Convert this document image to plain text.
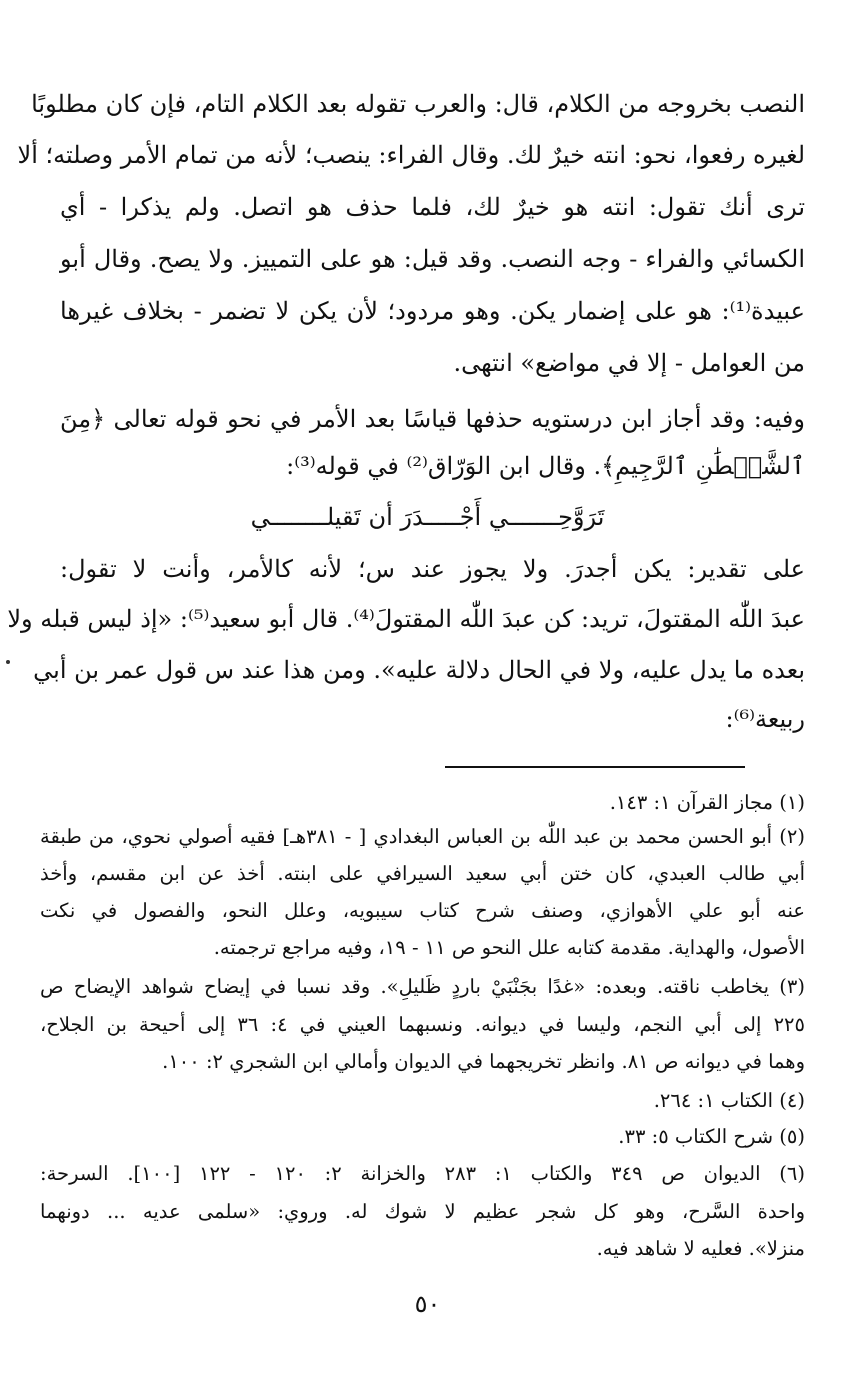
النصب بخروجه من الكلام، قال: والعرب تقوله بعد الكلام التام، فإن كان مطلوبًا
لغيره رفعوا، نحو: انته خيرٌ لك. وقال الفراء: ينصب؛ لأنه من تمام الأمر وصلته؛ ألا
ترى أنك تقول: انته هو خيرٌ لك، فلما حذف هو اتصل. ولم يذكرا - أي
الكسائي والفراء - وجه النصب. وقد قيل: هو على التمييز. ولا يصح. وقال أبو
عبيدة⁽¹⁾: هو على إضمار يكن. وهو مردود؛ لأن يكن لا تضمر - بخلاف غيرها
من العوامل - إلا في مواضع» انتهى.
وفيه: وقد أجاز ابن درستويه حذفها قياسًا بعد الأمر في نحو قوله تعالى ﴿مِنَ
ٱلشَّيۡطَٰنِ ٱلرَّجِيمِ﴾. وقال ابن الوَرّاق⁽²⁾ في قوله⁽³⁾:
تَرَوَّحِـــــــي أَجْـــــدَرَ أن تَقيلــــــــي
على تقدير: يكن أجدرَ. ولا يجوز عند س؛ لأنه كالأمر، وأنت لا تقول:
عبدَ اللّٰه المقتولَ، تريد: كن عبدَ اللّٰه المقتولَ⁽⁴⁾. قال أبو سعيد⁽⁵⁾: «إذ ليس قبله ولا
بعده ما يدل عليه، ولا في الحال دلالة عليه». ومن هذا عند س قول عمر بن أبي
ربيعة⁽⁶⁾:
(١) مجاز القرآن ١: ١٤٣.
(٢) أبو الحسن محمد بن عبد اللّٰه بن العباس البغدادي [ - ٣٨١هـ] فقيه أصولي نحوي، من طبقة
أبي طالب العبدي، كان ختن أبي سعيد السيرافي على ابنته. أخذ عن ابن مقسم، وأخذ
عنه أبو علي الأهوازي، وصنف شرح كتاب سيبويه، وعلل النحو، والفصول في نكت
الأصول، والهداية. مقدمة كتابه علل النحو ص ١١ - ١٩، وفيه مراجع ترجمته.
(٣) يخاطب ناقته. وبعده: «غدًا بجَنْبَيْ باردٍ ظَليلِ». وقد نسبا في إيضاح شواهد الإيضاح ص
٢٢٥ إلى أبي النجم، وليسا في ديوانه. ونسبهما العيني في ٤: ٣٦ إلى أحيحة بن الجلاح،
وهما في ديوانه ص ٨١. وانظر تخريجهما في الديوان وأمالي ابن الشجري ٢: ١٠٠.
(٤) الكتاب ١: ٢٦٤.
(٥) شرح الكتاب ٥: ٣٣.
(٦) الديوان ص ٣٤٩ والكتاب ١: ٢٨٣ والخزانة ٢: ١٢٠ - ١٢٢ [١٠٠]. السرحة:
واحدة السَّرح، وهو كل شجر عظيم لا شوك له. وروي: «سلمى عديه ... دونهما
منزلا». فعليه لا شاهد فيه.
٥٠
